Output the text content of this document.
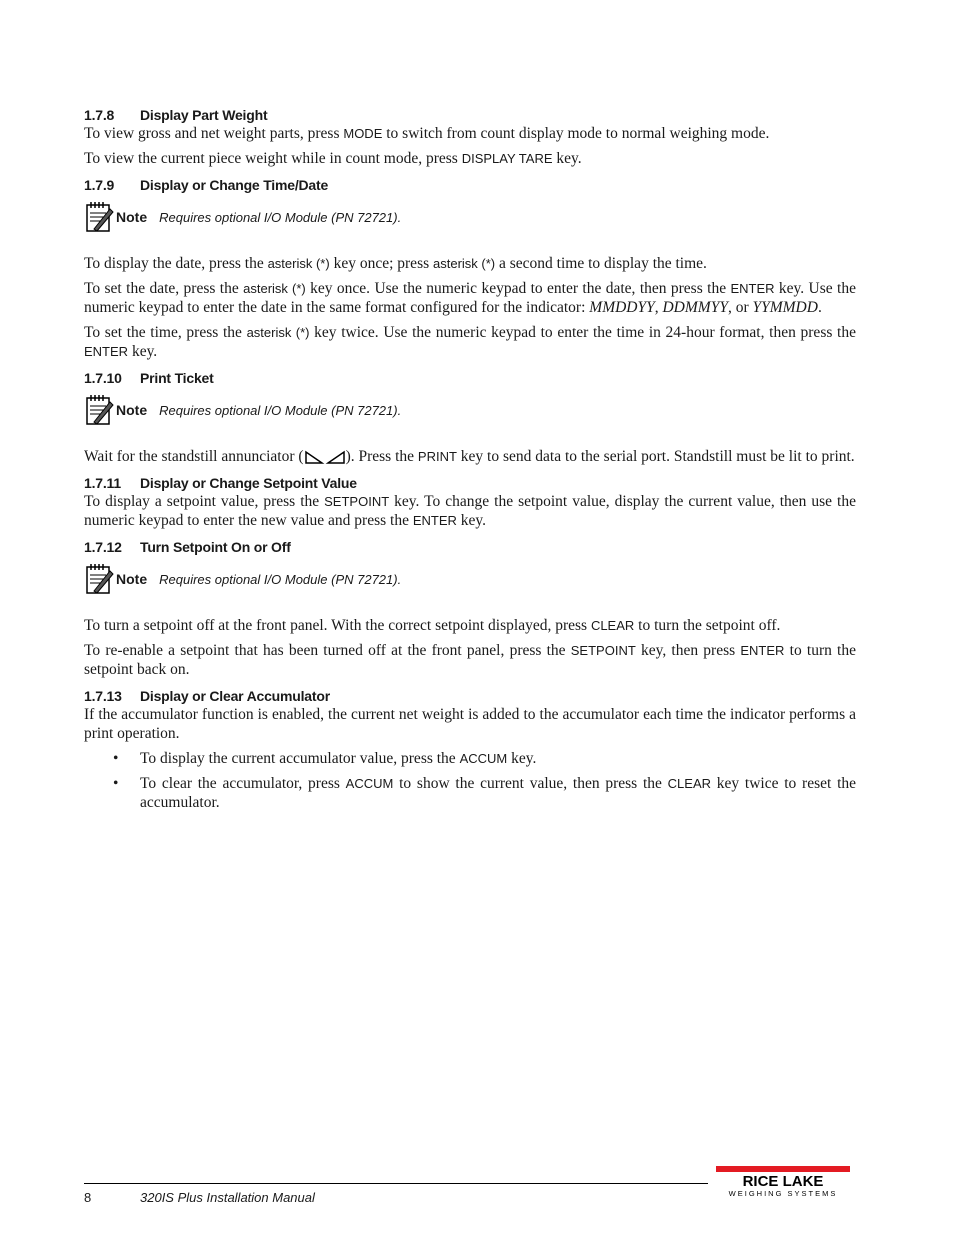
1.7.8 Display Part Weight

To view gross and net weight parts, press MODE to switch from count display mode to normal weighing mode.

To view the current piece weight while in count mode, press DISPLAY TARE key.

1.7.9 Display or Change Time/Date
Note Requires optional I/O Module (PN 72721).

To display the date, press the asterisk (*) key once; press asterisk (*) a second time to display the time.

To set the date, press the asterisk (*) key once. Use the numeric keypad to enter the date, then press the ENTER key. Use the numeric keypad to enter the date in the same format configured for the indicator: MMDDYY, DDMMYY, or YYMMDD.

To set the time, press the asterisk (*) key twice. Use the numeric keypad to enter the time in 24-hour format, then press the ENTER key.

1.7.10 Print Ticket
Note Requires optional I/O Module (PN 72721).

Wait for the standstill annunciator (	). Press the PRINT key to send data to the serial port. Standstill must be lit to print.

1.7.11 Display or Change Setpoint Value

To display a setpoint value, press the SETPOINT key. To change the setpoint value, display the current value, then use the numeric keypad to enter the new value and press the ENTER key.

1.7.12 Turn Setpoint On or Off
Note Requires optional I/O Module (PN 72721).

To turn a setpoint off at the front panel. With the correct setpoint displayed, press CLEAR to turn the setpoint off.

To re-enable a setpoint that has been turned off at the front panel, press the SETPOINT key, then press ENTER to turn the setpoint back on.

1.7.13 Display or Clear Accumulator

If the accumulator function is enabled, the current net weight is added to the accumulator each time the indicator performs a print operation.

• To display the current accumulator value, press the ACCUM key.
• To clear the accumulator, press ACCUM to show the current value, then press the CLEAR key twice to reset the accumulator.
8	320IS Plus Installation Manual
RICE LAKE
WEIGHING SYSTEMS
